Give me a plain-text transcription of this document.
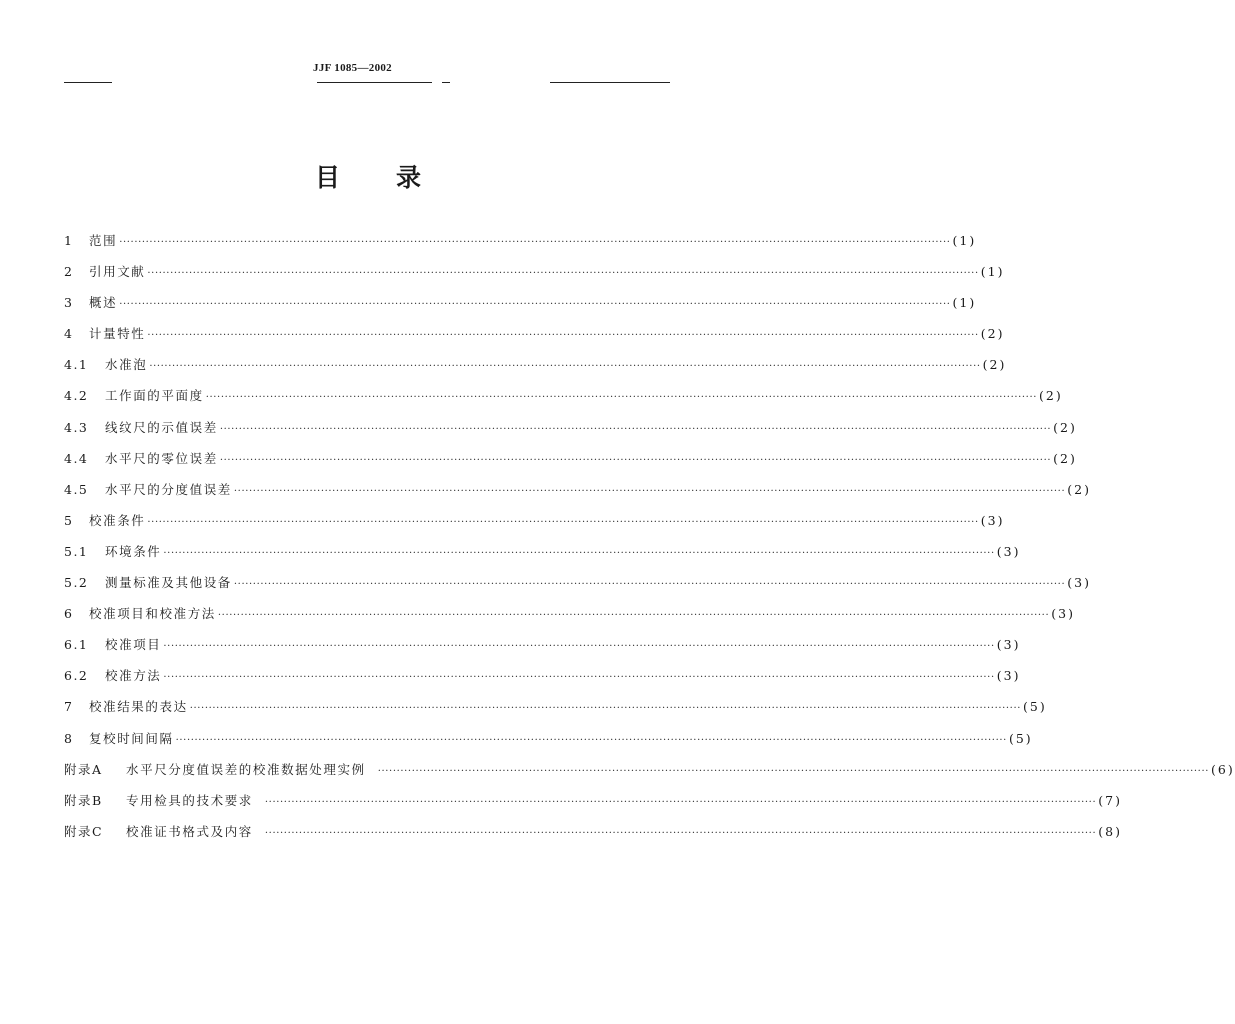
JJF 1085—2002
目 录
1	范围 ···························································································································································································································· (1)
2	引用文献 ···························································································································································································································· (1)
3	概述 ···························································································································································································································· (1)
4	计量特性 ···························································································································································································································· (2)
4.1	水准泡 ···························································································································································································································· (2)
4.2	工作面的平面度 ···························································································································································································································· (2)
4.3	线纹尺的示值误差 ···························································································································································································································· (2)
4.4	水平尺的零位误差 ···························································································································································································································· (2)
4.5	水平尺的分度值误差 ···························································································································································································································· (2)
5	校准条件 ···························································································································································································································· (3)
5.1	环境条件 ···························································································································································································································· (3)
5.2	测量标准及其他设备 ···························································································································································································································· (3)
6	校准项目和校准方法 ···························································································································································································································· (3)
6.1	校准项目 ···························································································································································································································· (3)
6.2	校准方法 ···························································································································································································································· (3)
7	校准结果的表达 ···························································································································································································································· (5)
8	复校时间间隔 ···························································································································································································································· (5)
附录A	水平尺分度值误差的校准数据处理实例 ···························································································································································································································· (6)
附录B	专用检具的技术要求 ···························································································································································································································· (7)
附录C	校准证书格式及内容 ···························································································································································································································· (8)
